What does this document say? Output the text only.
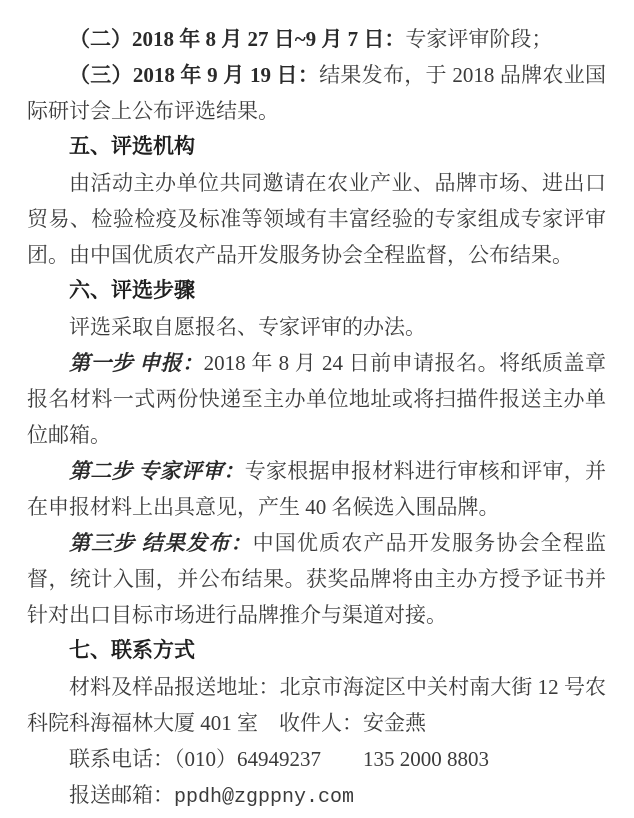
（二）2018 年 8 月 27 日~9 月 7 日：专家评审阶段；

（三）2018 年 9 月 19 日：结果发布，于 2018 品牌农业国际研讨会上公布评选结果。

五、评选机构

由活动主办单位共同邀请在农业产业、品牌市场、进出口贸易、检验检疫及标准等领域有丰富经验的专家组成专家评审团。由中国优质农产品开发服务协会全程监督，公布结果。

六、评选步骤

评选采取自愿报名、专家评审的办法。

第一步 申报：2018 年 8 月 24 日前申请报名。将纸质盖章报名材料一式两份快递至主办单位地址或将扫描件报送主办单位邮箱。

第二步 专家评审：专家根据申报材料进行审核和评审，并在申报材料上出具意见，产生 40 名候选入围品牌。

第三步 结果发布：中国优质农产品开发服务协会全程监督，统计入围，并公布结果。获奖品牌将由主办方授予证书并针对出口目标市场进行品牌推介与渠道对接。

七、联系方式

材料及样品报送地址：北京市海淀区中关村南大街 12 号农科院科海福林大厦 401 室　收件人：安金燕

联系电话：（010）64949237　　135 2000 8803

报送邮箱：ppdh@zgppny.com
